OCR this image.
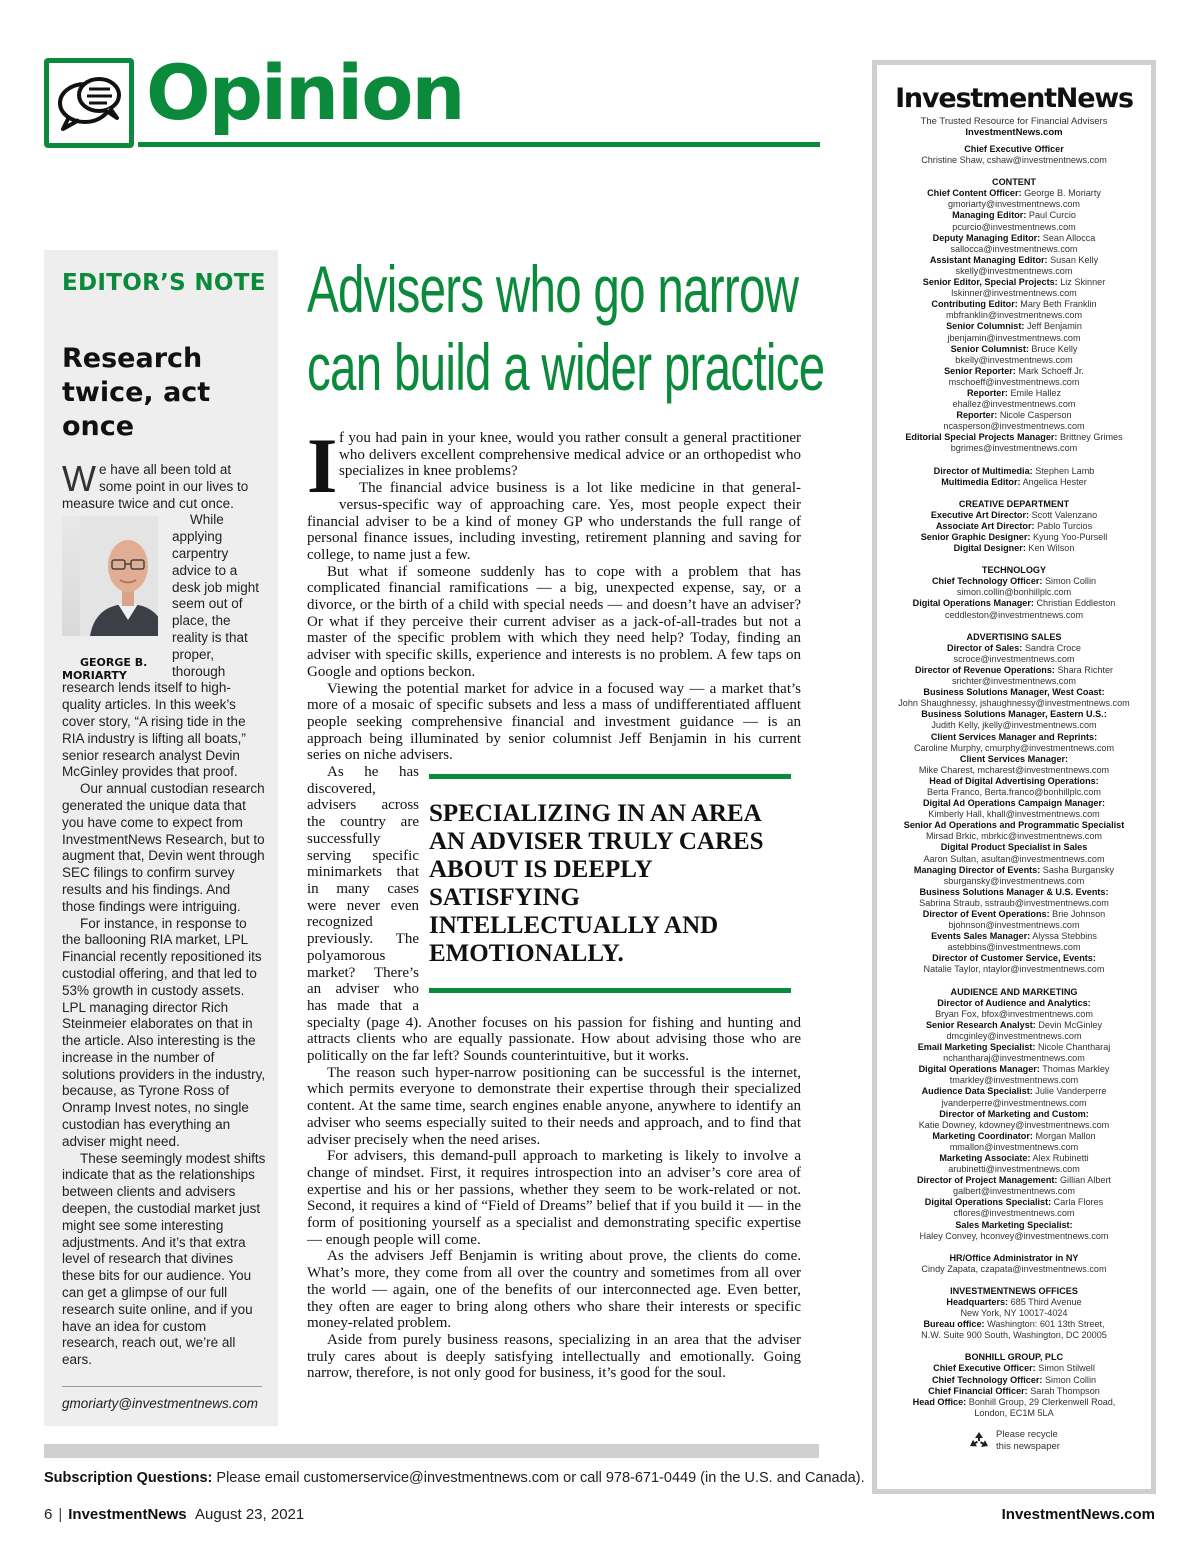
Opinion
EDITOR’S NOTE
Research twice, act once

We have all been told at some point in our lives to measure twice and cut once.

GEORGE B. MORIARTY
While applying carpentry advice to a desk job might seem out of place, the reality is that proper, thorough research lends itself to high-quality articles. In this week’s cover story, “A rising tide in the RIA industry is lifting all boats,” senior research analyst Devin McGinley provides that proof.

Our annual custodian research generated the unique data that you have come to expect from InvestmentNews Research, but to augment that, Devin went through SEC filings to confirm survey results and his findings. And those findings were intriguing.

For instance, in response to the ballooning RIA market, LPL Financial recently repositioned its custodial offering, and that led to 53% growth in custody assets. LPL managing director Rich Steinmeier elaborates on that in the article. Also interesting is the increase in the number of solutions providers in the industry, because, as Tyrone Ross of Onramp Invest notes, no single custodian has everything an adviser might need.

These seemingly modest shifts indicate that as the relationships between clients and advisers deepen, the custodial market just might see some interesting adjustments. And it’s that extra level of research that divines these bits for our audience. You can get a glimpse of our full research suite online, and if you have an idea for custom research, reach out, we’re all ears.

gmoriarty@investmentnews.com
Advisers who go narrow
can build a wider practice

If you had pain in your knee, would you rather consult a general practitioner who delivers excellent comprehensive medical advice or an orthopedist who specializes in knee problems?

The financial advice business is a lot like medicine in that general-versus-specific way of approaching care. Yes, most people expect their financial adviser to be a kind of money GP who understands the full range of personal finance issues, including investing, retirement planning and saving for college, to name just a few.

But what if someone suddenly has to cope with a problem that has complicated financial ramifications — a big, unexpected expense, say, or a divorce, or the birth of a child with special needs — and doesn’t have an adviser? Or what if they perceive their current adviser as a jack-of-all-trades but not a master of the specific problem with which they need help? Today, finding an adviser with specific skills, experience and interests is no problem. A few taps on Google and options beckon.

Viewing the potential market for advice in a focused way — a market that’s more of a mosaic of specific subsets and less a mass of undifferentiated affluent people seeking comprehensive financial and investment guidance — is an approach being illuminated by senior columnist Jeff Benjamin in his current series on niche advisers.

SPECIALIZING IN AN AREA AN ADVISER TRULY CARES ABOUT IS DEEPLY SATISFYING INTELLECTUALLY AND EMOTIONALLY.

As he has discovered, advisers across the country are successfully serving specific minimarkets that in many cases were never even recognized previously. The polyamorous market? There’s an adviser who has made that a specialty (page 4). Another focuses on his passion for fishing and hunting and attracts clients who are equally passionate. How about advising those who are politically on the far left? Sounds counterintuitive, but it works.

The reason such hyper-narrow positioning can be successful is the internet, which permits everyone to demonstrate their expertise through their specialized content. At the same time, search engines enable anyone, anywhere to identify an adviser who seems especially suited to their needs and approach, and to find that adviser precisely when the need arises.

For advisers, this demand-pull approach to marketing is likely to involve a change of mindset. First, it requires introspection into an adviser’s core area of expertise and his or her passions, whether they seem to be work-related or not. Second, it requires a kind of “Field of Dreams” belief that if you build it — in the form of positioning yourself as a specialist and demonstrating specific expertise — enough people will come.

As the advisers Jeff Benjamin is writing about prove, the clients do come. What’s more, they come from all over the country and sometimes from all over the world — again, one of the benefits of our interconnected age. Even better, they often are eager to bring along others who share their interests or specific money-related problem.

Aside from purely business reasons, specializing in an area that the adviser truly cares about is deeply satisfying intellectually and emotionally. Going narrow, therefore, is not only good for business, it’s good for the soul.

InvestmentNews
The Trusted Resource for Financial Advisers
InvestmentNews.com
Chief Executive Officer
Christine Shaw, cshaw@investmentnews.com
CONTENT
Chief Content Officer: George B. Moriarty
gmoriarty@investmentnews.com
Managing Editor: Paul Curcio
pcurcio@investmentnews.com
Deputy Managing Editor: Sean Allocca
sallocca@investmentnews.com
Assistant Managing Editor: Susan Kelly
skelly@investmentnews.com
Senior Editor, Special Projects: Liz Skinner
lskinner@investmentnews.com
Contributing Editor: Mary Beth Franklin
mbfranklin@investmentnews.com
Senior Columnist: Jeff Benjamin
jbenjamin@investmentnews.com
Senior Columnist: Bruce Kelly
bkelly@investmentnews.com
Senior Reporter: Mark Schoeff Jr.
mschoeff@investmentnews.com
Reporter: Emile Hallez
ehallez@investmentnews.com
Reporter: Nicole Casperson
ncasperson@investmentnews.com
Editorial Special Projects Manager: Brittney Grimes
bgrimes@investmentnews.com
Director of Multimedia: Stephen Lamb
Multimedia Editor: Angelica Hester
CREATIVE DEPARTMENT
Executive Art Director: Scott Valenzano
Associate Art Director: Pablo Turcios
Senior Graphic Designer: Kyung Yoo-Pursell
Digital Designer: Ken Wilson
TECHNOLOGY
Chief Technology Officer: Simon Collin
simon.collin@bonhillplc.com
Digital Operations Manager: Christian Eddleston
ceddleston@investmentnews.com
ADVERTISING SALES
Director of Sales: Sandra Croce
scroce@investmentnews.com
Director of Revenue Operations: Shara Richter
srichter@investmentnews.com
Business Solutions Manager, West Coast:
John Shaughnessy, jshaughnessy@investmentnews.com
Business Solutions Manager, Eastern U.S.:
Judith Kelly, jkelly@investmentnews.com
Client Services Manager and Reprints:
Caroline Murphy, cmurphy@investmentnews.com
Client Services Manager:
Mike Charest, mcharest@investmentnews.com
Head of Digital Advertising Operations:
Berta Franco, Berta.franco@bonhillplc.com
Digital Ad Operations Campaign Manager:
Kimberly Hall, khall@investmentnews.com
Senior Ad Operations and Programmatic Specialist
Mirsad Brkic, mbrkic@investmentnews.com
Digital Product Specialist in Sales
Aaron Sultan, asultan@investmentnews.com
Managing Director of Events: Sasha Burgansky
sburgansky@investmentnews.com
Business Solutions Manager & U.S. Events:
Sabrina Straub, sstraub@investmentnews.com
Director of Event Operations: Brie Johnson
bjohnson@investmentnews.com
Events Sales Manager: Alyssa Stebbins
astebbins@investmentnews.com
Director of Customer Service, Events:
Natalie Taylor, ntaylor@investmentnews.com
AUDIENCE AND MARKETING
Director of Audience and Analytics:
Bryan Fox, bfox@investmentnews.com
Senior Research Analyst: Devin McGinley
dmcginley@investmentnews.com
Email Marketing Specialist: Nicole Chantharaj
nchantharaj@investmentnews.com
Digital Operations Manager: Thomas Markley
tmarkley@investmentnews.com
Audience Data Specialist: Julie Vanderperre
jvanderperre@investmentnews.com
Director of Marketing and Custom:
Katie Downey, kdowney@investmentnews.com
Marketing Coordinator: Morgan Mallon
mmallon@investmentnews.com
Marketing Associate: Alex Rubinetti
arubinetti@investmentnews.com
Director of Project Management: Gillian Albert
galbert@investmentnews.com
Digital Operations Specialist: Carla Flores
cflores@investmentnews.com
Sales Marketing Specialist:
Haley Convey, hconvey@investmentnews.com
HR/Office Administrator in NY
Cindy Zapata, czapata@investmentnews.com
INVESTMENTNEWS OFFICES
Headquarters: 685 Third Avenue
New York, NY 10017-4024
Bureau office: Washington: 601 13th Street,
N.W. Suite 900 South, Washington, DC 20005
BONHILL GROUP, PLC
Chief Executive Officer: Simon Stilwell
Chief Technology Officer: Simon Collin
Chief Financial Officer: Sarah Thompson
Head Office: Bonhill Group, 29 Clerkenwell Road,
London, EC1M 5LA
Please recycle
this newspaper
Subscription Questions: Please email customerservice@investmentnews.com or call 978-671-0449 (in the U.S. and Canada).
6 | InvestmentNews August 23, 2021	InvestmentNews.com
